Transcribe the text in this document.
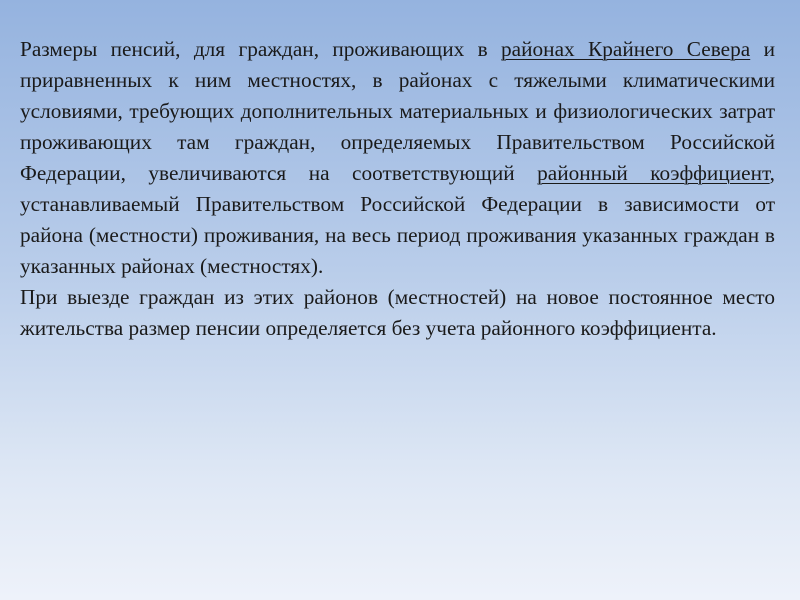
Размеры пенсий, для граждан, проживающих в районах Крайнего Севера и приравненных к ним местностях, в районах с тяжелыми климатическими условиями, требующих дополнительных материальных и физиологических затрат проживающих там граждан, определяемых Правительством Российской Федерации, увеличиваются на соответствующий районный коэффициент, устанавливаемый Правительством Российской Федерации в зависимости от района (местности) проживания, на весь период проживания указанных граждан в указанных районах (местностях).

При выезде граждан из этих районов (местностей) на новое постоянное место жительства размер пенсии определяется без учета районного коэффициента.
